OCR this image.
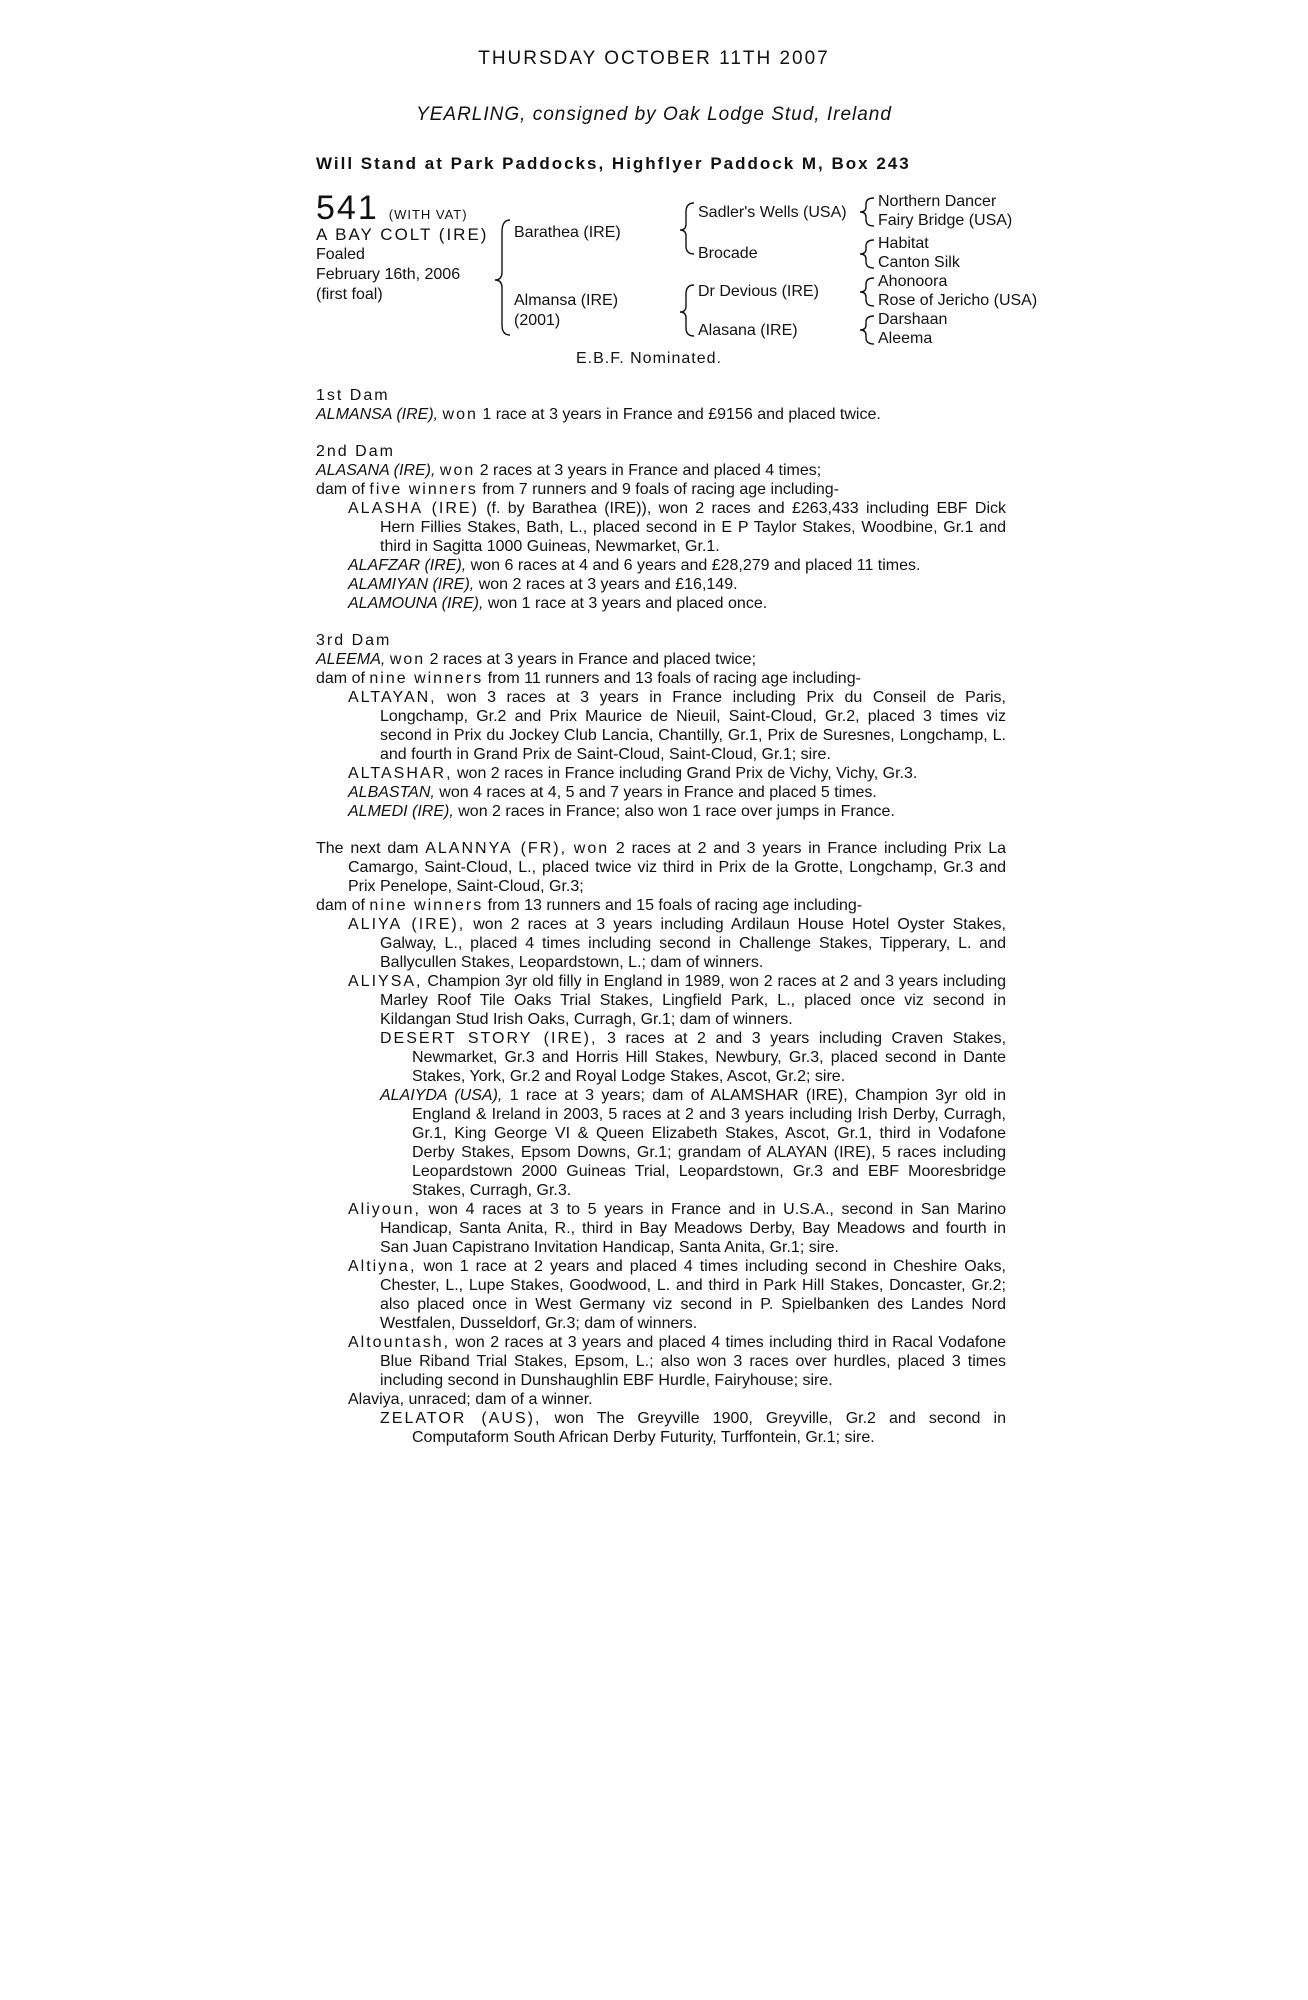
THURSDAY OCTOBER 11TH 2007
YEARLING, consigned by Oak Lodge Stud, Ireland
Will Stand at Park Paddocks, Highflyer Paddock M, Box 243
541 (WITH VAT)
A BAY COLT (IRE)
Foaled
February 16th, 2006
(first foal)
Barathea (IRE)
Almansa (IRE)
(2001)
Sadler's Wells (USA)
Brocade
Dr Devious (IRE)
Alasana (IRE)
Northern Dancer
Fairy Bridge (USA)
Habitat
Canton Silk
Ahonoora
Rose of Jericho (USA)
Darshaan
Aleema
E.B.F. Nominated.
1st Dam

ALMANSA (IRE), won 1 race at 3 years in France and £9156 and placed twice.

2nd Dam

ALASANA (IRE), won 2 races at 3 years in France and placed 4 times;

dam of five winners from 7 runners and 9 foals of racing age including-

ALASHA (IRE) (f. by Barathea (IRE)), won 2 races and £263,433 including EBF Dick Hern Fillies Stakes, Bath, L., placed second in E P Taylor Stakes, Woodbine, Gr.1 and third in Sagitta 1000 Guineas, Newmarket, Gr.1.

ALAFZAR (IRE), won 6 races at 4 and 6 years and £28,279 and placed 11 times.

ALAMIYAN (IRE), won 2 races at 3 years and £16,149.

ALAMOUNA (IRE), won 1 race at 3 years and placed once.

3rd Dam

ALEEMA, won 2 races at 3 years in France and placed twice;

dam of nine winners from 11 runners and 13 foals of racing age including-

ALTAYAN, won 3 races at 3 years in France including Prix du Conseil de Paris, Longchamp, Gr.2 and Prix Maurice de Nieuil, Saint-Cloud, Gr.2, placed 3 times viz second in Prix du Jockey Club Lancia, Chantilly, Gr.1, Prix de Suresnes, Longchamp, L. and fourth in Grand Prix de Saint-Cloud, Saint-Cloud, Gr.1; sire.

ALTASHAR, won 2 races in France including Grand Prix de Vichy, Vichy, Gr.3.

ALBASTAN, won 4 races at 4, 5 and 7 years in France and placed 5 times.

ALMEDI (IRE), won 2 races in France; also won 1 race over jumps in France.

The next dam ALANNYA (FR), won 2 races at 2 and 3 years in France including Prix La Camargo, Saint-Cloud, L., placed twice viz third in Prix de la Grotte, Longchamp, Gr.3 and Prix Penelope, Saint-Cloud, Gr.3;

dam of nine winners from 13 runners and 15 foals of racing age including-

ALIYA (IRE), won 2 races at 3 years including Ardilaun House Hotel Oyster Stakes, Galway, L., placed 4 times including second in Challenge Stakes, Tipperary, L. and Ballycullen Stakes, Leopardstown, L.; dam of winners.

ALIYSA, Champion 3yr old filly in England in 1989, won 2 races at 2 and 3 years including Marley Roof Tile Oaks Trial Stakes, Lingfield Park, L., placed once viz second in Kildangan Stud Irish Oaks, Curragh, Gr.1; dam of winners.

DESERT STORY (IRE), 3 races at 2 and 3 years including Craven Stakes, Newmarket, Gr.3 and Horris Hill Stakes, Newbury, Gr.3, placed second in Dante Stakes, York, Gr.2 and Royal Lodge Stakes, Ascot, Gr.2; sire.

ALAIYDA (USA), 1 race at 3 years; dam of ALAMSHAR (IRE), Champion 3yr old in England & Ireland in 2003, 5 races at 2 and 3 years including Irish Derby, Curragh, Gr.1, King George VI & Queen Elizabeth Stakes, Ascot, Gr.1, third in Vodafone Derby Stakes, Epsom Downs, Gr.1; grandam of ALAYAN (IRE), 5 races including Leopardstown 2000 Guineas Trial, Leopardstown, Gr.3 and EBF Mooresbridge Stakes, Curragh, Gr.3.

Aliyoun, won 4 races at 3 to 5 years in France and in U.S.A., second in San Marino Handicap, Santa Anita, R., third in Bay Meadows Derby, Bay Meadows and fourth in San Juan Capistrano Invitation Handicap, Santa Anita, Gr.1; sire.

Altiyna, won 1 race at 2 years and placed 4 times including second in Cheshire Oaks, Chester, L., Lupe Stakes, Goodwood, L. and third in Park Hill Stakes, Doncaster, Gr.2; also placed once in West Germany viz second in P. Spielbanken des Landes Nord Westfalen, Dusseldorf, Gr.3; dam of winners.

Altountash, won 2 races at 3 years and placed 4 times including third in Racal Vodafone Blue Riband Trial Stakes, Epsom, L.; also won 3 races over hurdles, placed 3 times including second in Dunshaughlin EBF Hurdle, Fairyhouse; sire.

Alaviya, unraced; dam of a winner.

ZELATOR (AUS), won The Greyville 1900, Greyville, Gr.2 and second in Computaform South African Derby Futurity, Turffontein, Gr.1; sire.
